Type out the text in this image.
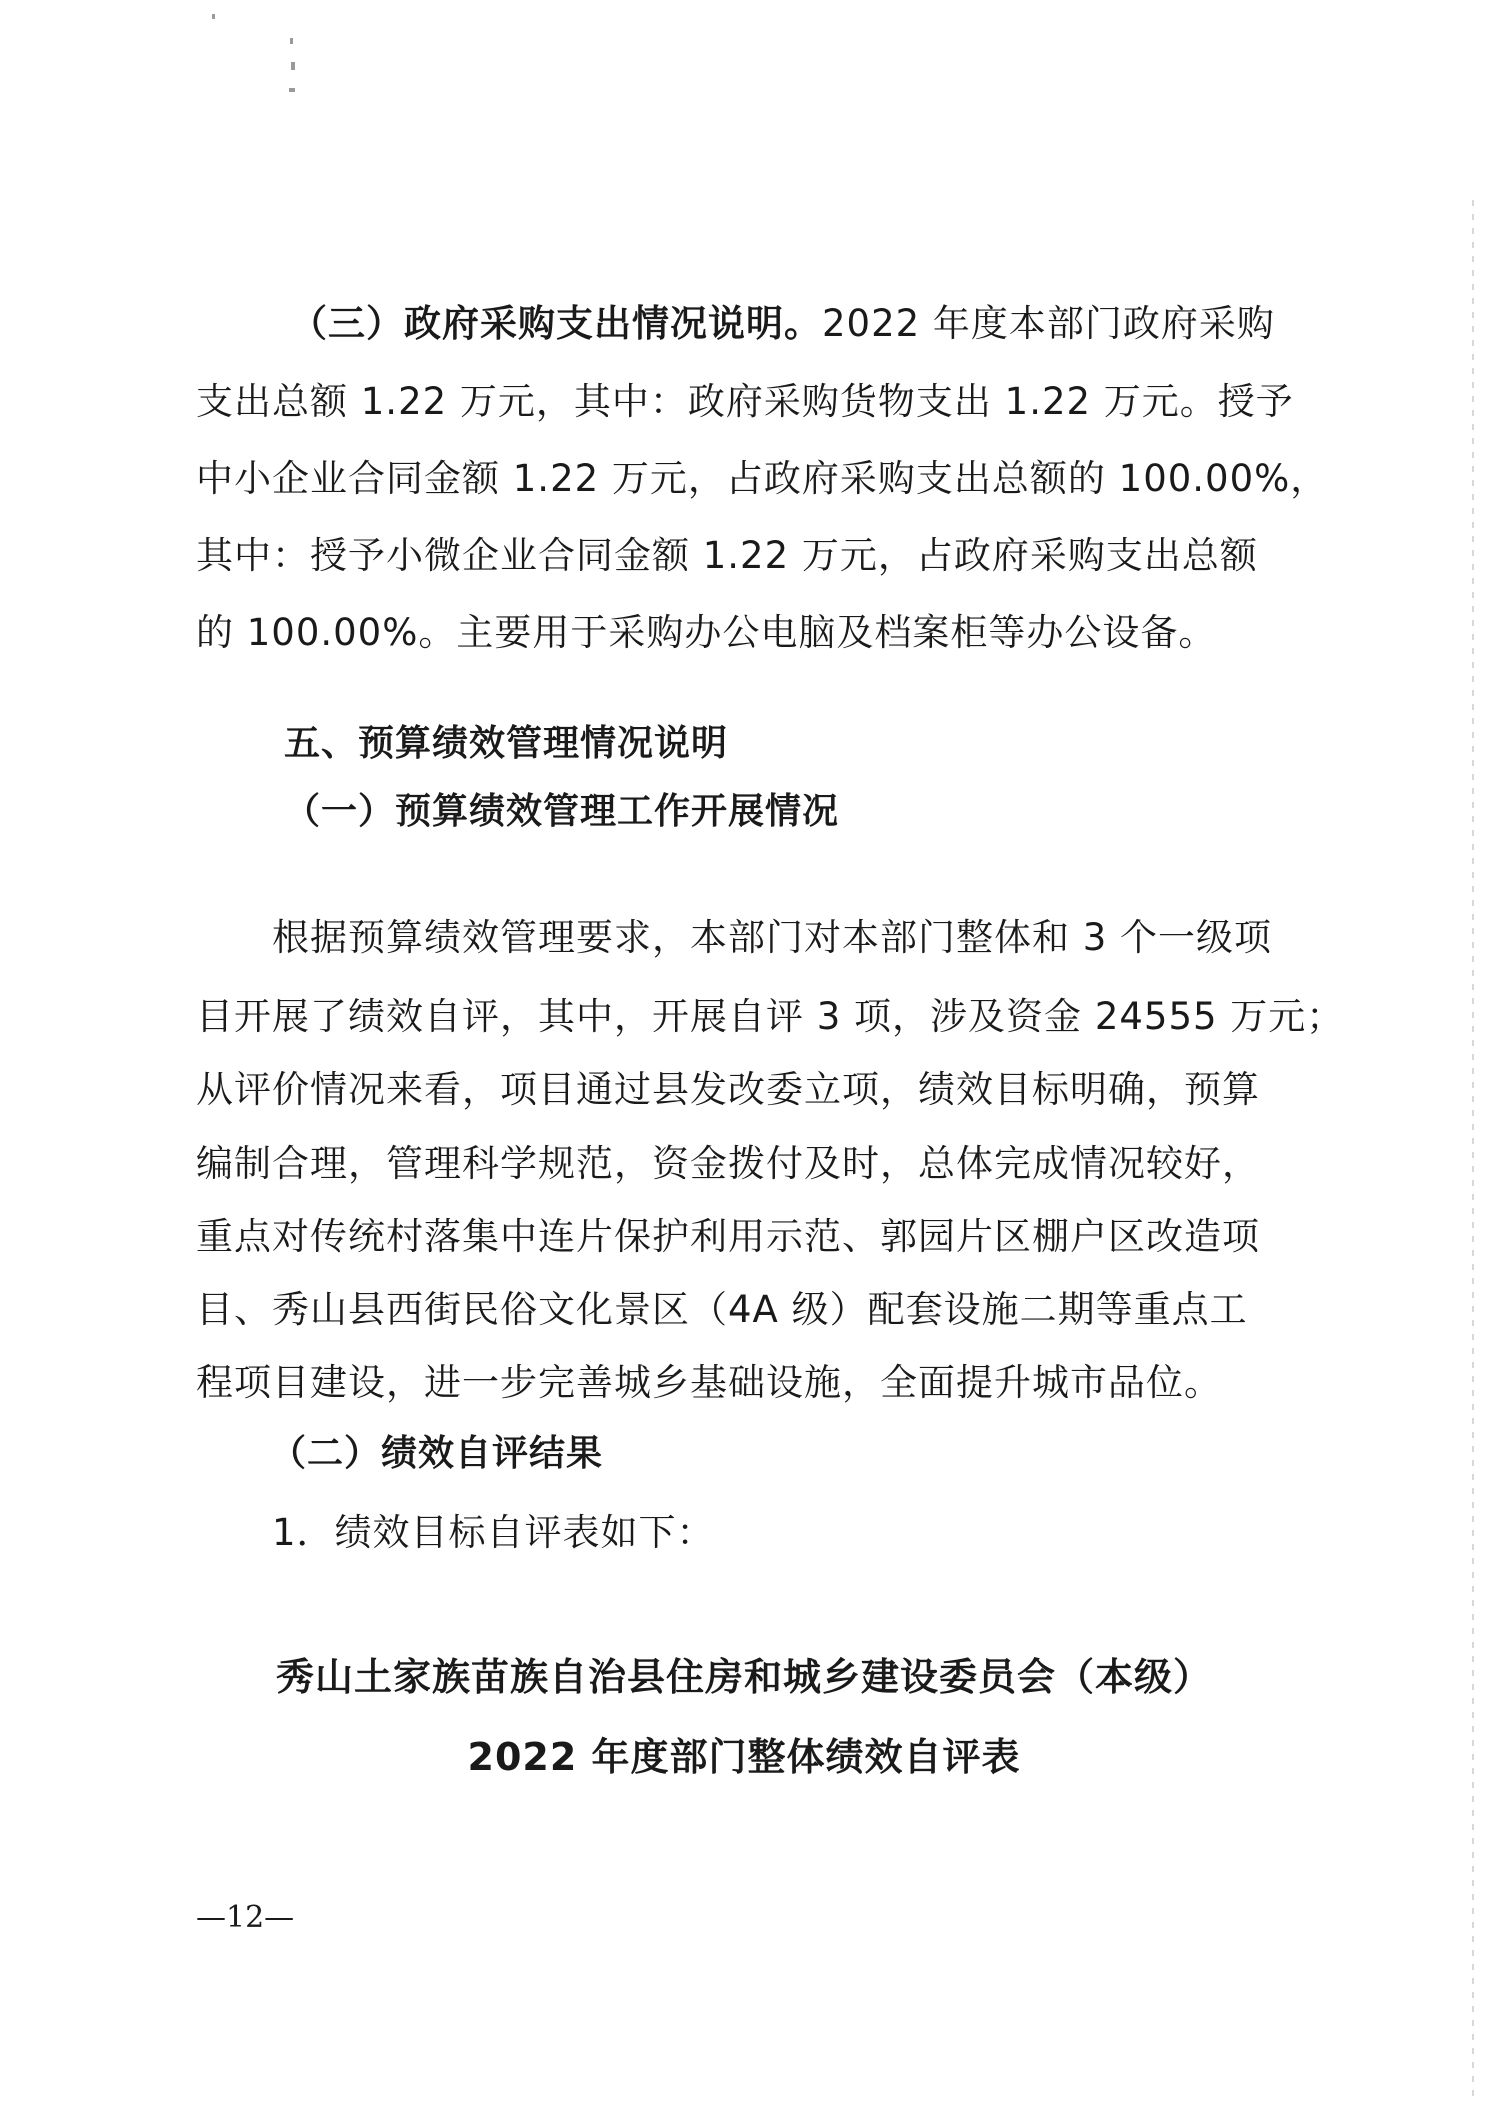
（三）政府采购支出情况说明。2022 年度本部门政府采购
支出总额 1.22 万元，其中：政府采购货物支出 1.22 万元。授予
中小企业合同金额 1.22 万元，占政府采购支出总额的 100.00%，
其中：授予小微企业合同金额 1.22 万元，占政府采购支出总额
的 100.00%。主要用于采购办公电脑及档案柜等办公设备。
五、预算绩效管理情况说明
（一）预算绩效管理工作开展情况
根据预算绩效管理要求，本部门对本部门整体和 3 个一级项
目开展了绩效自评，其中，开展自评 3 项，涉及资金 24555 万元；
从评价情况来看，项目通过县发改委立项，绩效目标明确，预算
编制合理，管理科学规范，资金拨付及时，总体完成情况较好，
重点对传统村落集中连片保护利用示范、郭园片区棚户区改造项
目、秀山县西街民俗文化景区（4A 级）配套设施二期等重点工
程项目建设，进一步完善城乡基础设施，全面提升城市品位。
（二）绩效自评结果
1．绩效目标自评表如下：
秀山土家族苗族自治县住房和城乡建设委员会（本级）
2022 年度部门整体绩效自评表
—12—
